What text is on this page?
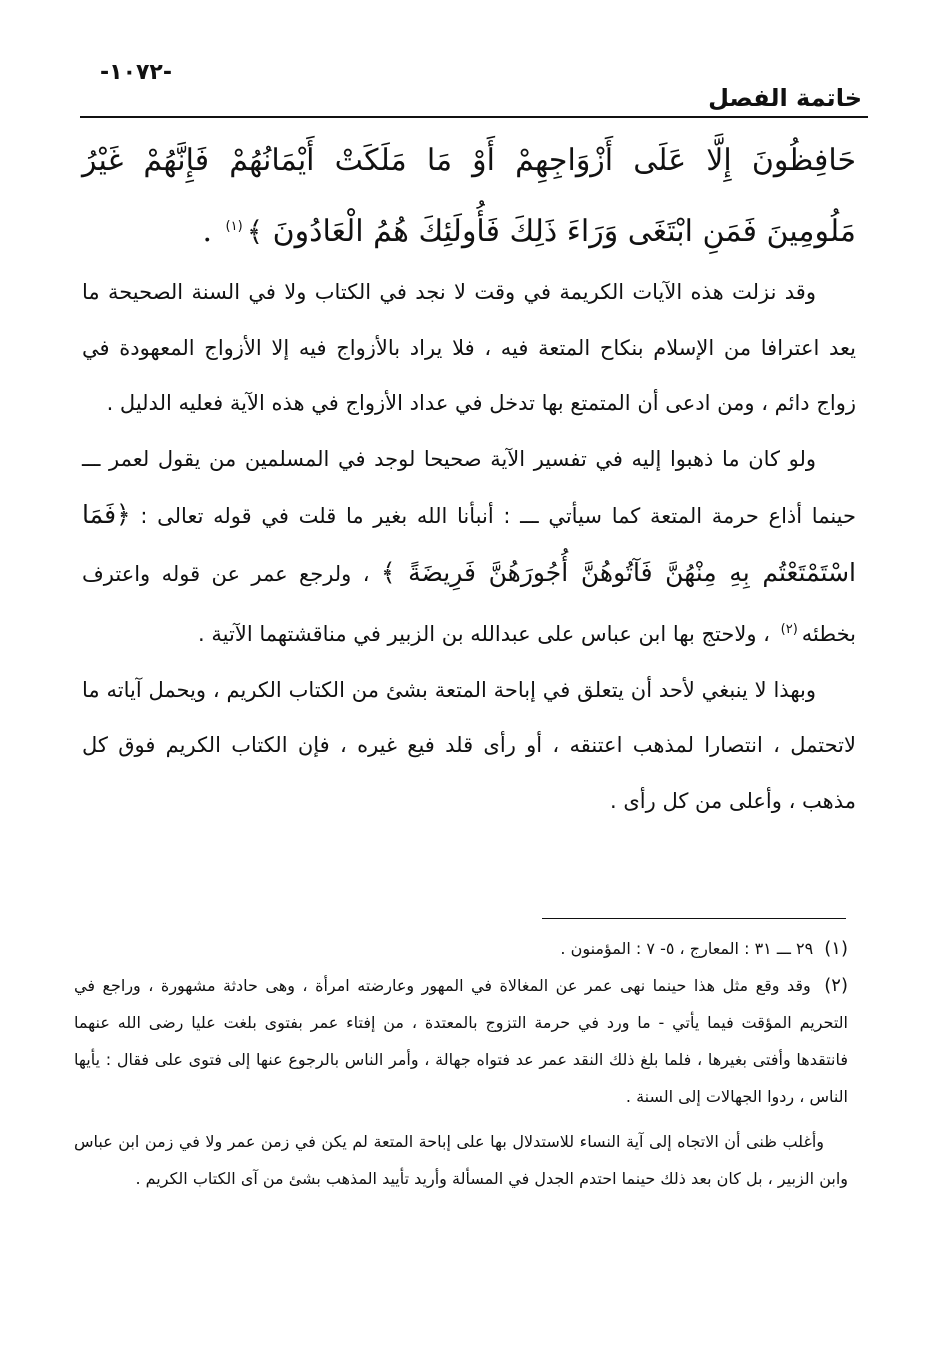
-١٠٧٢-
خاتمة الفصل

حَافِظُونَ إِلَّا عَلَى أَزْوَاجِهِمْ أَوْ مَا مَلَكَتْ أَيْمَانُهُمْ فَإِنَّهُمْ غَيْرُ مَلُومِينَ فَمَنِ ابْتَغَى وَرَاءَ ذَلِكَ فَأُولَئِكَ هُمُ الْعَادُونَ ﴾$^{(١)}$ .

وقد نزلت هذه الآيات الكريمة في وقت لا نجد في الكتاب ولا في السنة الصحيحة ما يعد اعترافا من الإسلام بنكاح المتعة فيه ، فلا يراد بالأزواج فيه إلا الأزواج المعهودة في زواج دائم ، ومن ادعى أن المتمتع بها تدخل في عداد الأزواج في هذه الآية فعليه الدليل .

ولو كان ما ذهبوا إليه في تفسير الآية صحيحا لوجد في المسلمين من يقول لعمر ـــ حينما أذاع حرمة المتعة كما سيأتي ـــ : أنبأنا الله بغير ما قلت في قوله تعالى : ﴿فَمَا اسْتَمْتَعْتُم بِهِ مِنْهُنَّ فَآتُوهُنَّ أُجُورَهُنَّ فَرِيضَةً ﴾ ، ولرجع عمر عن قوله واعترف بخطئه$^{(٢)}$ ، ولاحتج بها ابن عباس على عبدالله بن الزبير في مناقشتهما الآتية .

وبهذا لا ينبغي لأحد أن يتعلق في إباحة المتعة بشئ من الكتاب الكريم ، ويحمل آياته ما لاتحتمل ، انتصارا لمذهب اعتنقه ، أو رأى قلد فيع غيره ، فإن الكتاب الكريم فوق كل مذهب ، وأعلى من كل رأى .

(١) ٢٩ ـــ ٣١ : المعارج ، ٥- ٧ : المؤمنون .

(٢) وقد وقع مثل هذا حينما نهى عمر عن المغالاة في المهور وعارضته امرأة ، وهى حادثة مشهورة ، وراجع في التحريم المؤقت فيما يأتي - ما ورد في حرمة التزوج بالمعتدة ، من إفتاء عمر بفتوى بلغت عليا رضى الله عنهما فانتقدها وأفتى بغيرها ، فلما بلغ ذلك النقد عمر عد فتواه جهالة ، وأمر الناس بالرجوع عنها إلى فتوى على فقال : يأيها الناس ، ردوا الجهالات إلى السنة .

وأغلب ظنى أن الاتجاه إلى آية النساء للاستدلال بها على إباحة المتعة لم يكن في زمن عمر ولا في زمن ابن عباس وابن الزبير ، بل كان بعد ذلك حينما احتدم الجدل في المسألة وأريد تأييد المذهب بشئ من آى الكتاب الكريم .
